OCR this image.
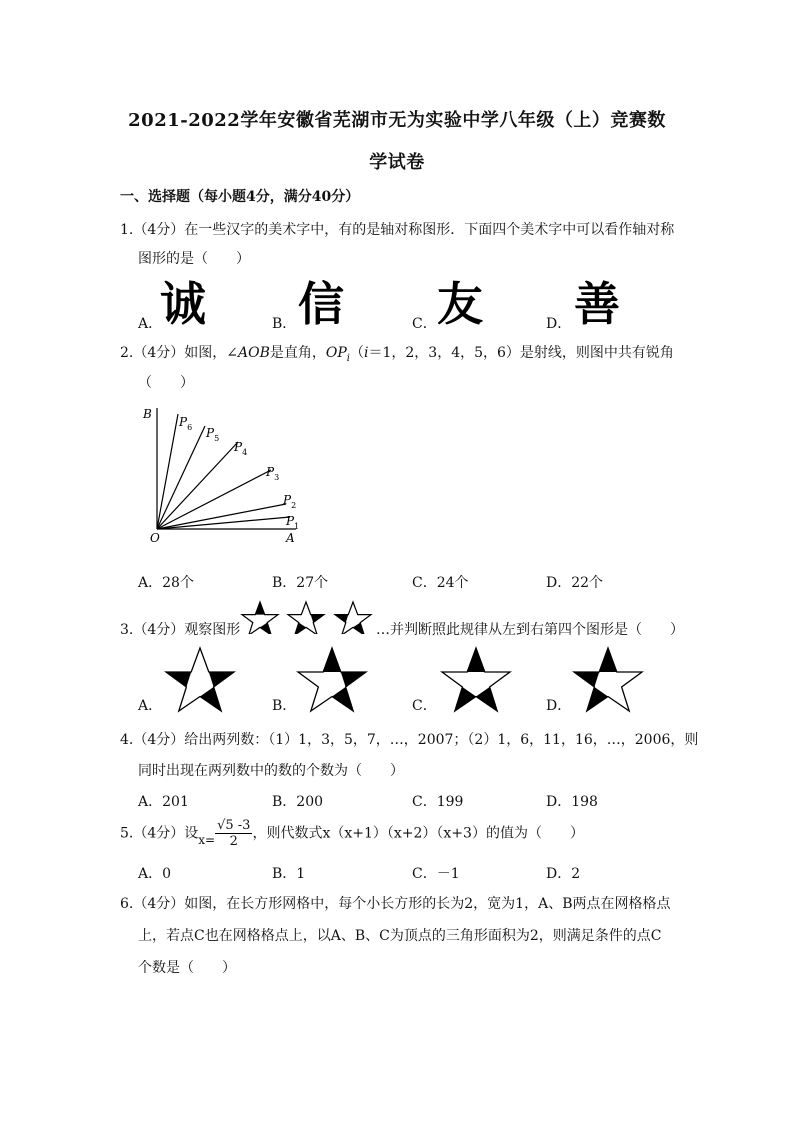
2021-2022学年安徽省芜湖市无为实验中学八年级（上）竞赛数
学试卷
一、选择题（每小题4分，满分40分）
1.（4分）在一些汉字的美术字中，有的是轴对称图形．下面四个美术字中可以看作轴对称
图形的是（　　）
A．
诚	B． 信	C． 友	D． 善
2.（4分）如图，∠AOB是直角，$OP_i(i=1$，2，3，4，5，6）是射线，则图中共有锐角
（　　）
B
O	A
$P_6$ $P_5$
$P_4$
$P_3$
$P_2$
$P_1$
A．28个	B．27个	C．24个	D．22个
3.（4分）观察图形	…并判断照此规律从左到右第四个图形是（　　）
A．	B．	C．	D．
4.（4分）给出两列数：（1）1，3，5，7，…，2007；（2）1，6，11，16，…，2006，则
同时出现在两列数中的数的个数为（　　）
A．201	B．200	C．199	D．198
5.（4分）设$x= \frac{√5 -3}{2}$ ，则代数式x（x+1）（x+2）（x+3）的值为（　　）
A．0	B．1	C．－1	D．2
6.（4分）如图，在长方形网格中，每个小长方形的长为2，宽为1，A、B两点在网格格点
上，若点C也在网格格点上，以A、B、C为顶点的三角形面积为2，则满足条件的点C
个数是（　　）
